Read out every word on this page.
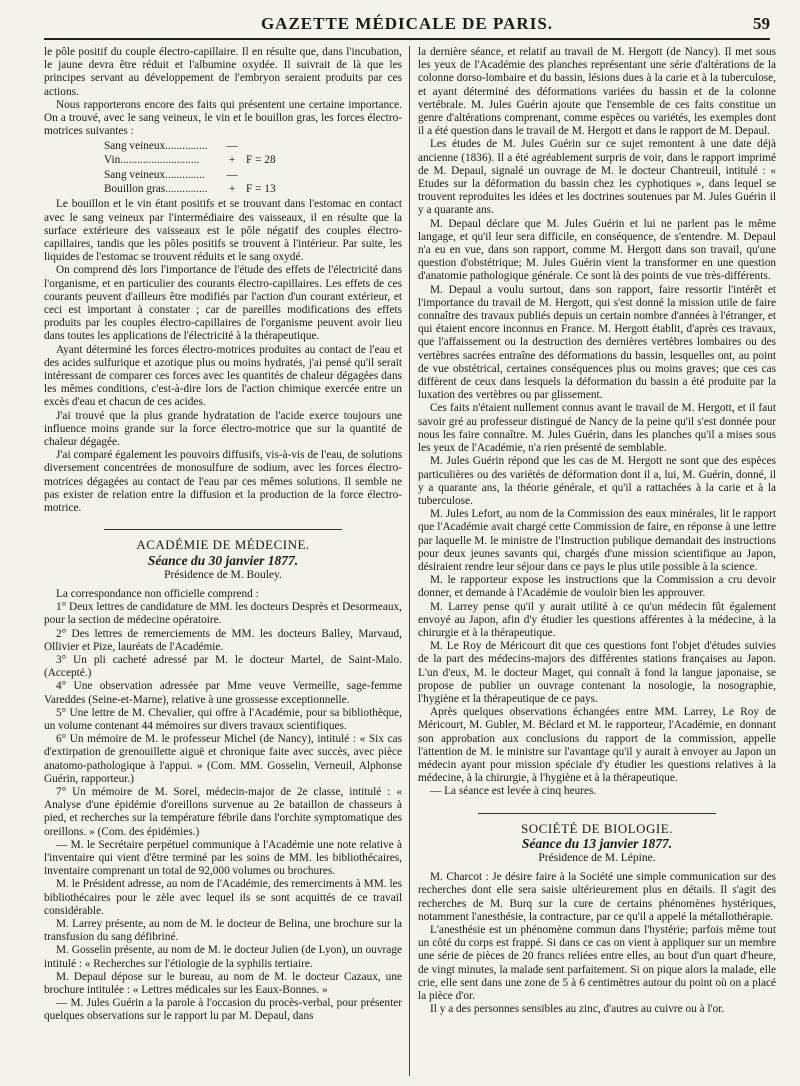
GAZETTE MÉDICALE DE PARIS.	59

le pôle positif du couple électro-capillaire. Il en résulte que, dans l'incubation, le jaune devra être réduit et l'albumine oxydée. Il suivrait de là que les principes servant au développement de l'embryon seraient produits par ces actions.

Nous rapporterons encore des faits qui présentent une certaine importance. On a trouvé, avec le sang veineux, le vin et le bouillon gras, les forces électro-motrices suivantes :

Sang veineux...............	—
Vin............................	+ F = 28
Sang veineux..............	—
Bouillon gras...............	+ F = 13

Le bouillon et le vin étant positifs et se trouvant dans l'estomac en contact avec le sang veineux par l'intermédiaire des vaisseaux, il en résulte que la surface extérieure des vaisseaux est le pôle négatif des couples électro-capillaires, tandis que les pôles positifs se trouvent à l'intérieur. Par suite, les liquides de l'estomac se trouvent réduits et le sang oxydé.

On comprend dès lors l'importance de l'étude des effets de l'électricité dans l'organisme, et en particulier des courants électro-capillaires. Les effets de ces courants peuvent d'ailleurs être modifiés par l'action d'un courant extérieur, et ceci est important à constater ; car de pareilles modifications des effets produits par les couples électro-capillaires de l'organisme peuvent avoir lieu dans toutes les applications de l'électricité à la thérapeutique.

Ayant déterminé les forces électro-motrices produites au contact de l'eau et des acides sulfurique et azotique plus ou moins hydratés, j'ai pensé qu'il serait intéressant de comparer ces forces avec les quantités de chaleur dégagées dans les mêmes conditions, c'est-à-dire lors de l'action chimique exercée entre un excès d'eau et chacun de ces acides.

J'ai trouvé que la plus grande hydratation de l'acide exerce toujours une influence moins grande sur la force électro-motrice que sur la quantité de chaleur dégagée.

J'ai comparé également les pouvoirs diffusifs, vis-à-vis de l'eau, de solutions diversement concentrées de monosulfure de sodium, avec les forces électro-motrices dégagées au contact de l'eau par ces mêmes solutions. Il semble ne pas exister de relation entre la diffusion et la production de la force électro-motrice.

ACADÉMIE DE MÉDECINE.
Séance du 30 janvier 1877.
Présidence de M. Bouley.

La correspondance non officielle comprend :

1° Deux lettres de candidature de MM. les docteurs Desprès et Desormeaux, pour la section de médecine opératoire.

2° Des lettres de remerciements de MM. les docteurs Balley, Marvaud, Ollivier et Pize, lauréats de l'Académie.

3° Un pli cacheté adressé par M. le docteur Martel, de Saint-Malo. (Accepté.)

4° Une observation adressée par Mme veuve Vermeille, sage-femme Vareddes (Seine-et-Marne), relative à une grossesse exceptionnelle.

5° Une lettre de M. Chevalier, qui offre à l'Académie, pour sa bibliothèque, un volume contenant 44 mémoires sur divers travaux scientifiques.

6° Un mémoire de M. le professeur Michel (de Nancy), intitulé : « Six cas d'extirpation de grenouillette aiguë et chronique faite avec succès, avec pièce anatomo-pathologique à l'appui. » (Com. MM. Gosselin, Verneuil, Alphonse Guérin, rapporteur.)

7° Un mémoire de M. Sorel, médecin-major de 2e classe, intitulé : « Analyse d'une épidémie d'oreillons survenue au 2e bataillon de chasseurs à pied, et recherches sur la température fébrile dans l'orchite symptomatique des oreillons. » (Com. des épidémies.)

— M. le Secrétaire perpétuel communique à l'Académie une note relative à l'inventaire qui vient d'être terminé par les soins de MM. les bibliothécaires, inventaire comprenant un total de 92,000 volumes ou brochures.

M. le Président adresse, au nom de l'Académie, des remerciments à MM. les bibliothécaires pour le zèle avec lequel ils se sont acquittés de ce travail considérable.

M. Larrey présente, au nom de M. le docteur de Belina, une brochure sur la transfusion du sang défibriné.

M. Gosselin présente, au nom de M. le docteur Julien (de Lyon), un ouvrage intitulé : « Recherches sur l'étiologie de la syphilis tertiaire.

M. Depaul dépose sur le bureau, au nom de M. le docteur Cazaux, une brochure intitulée : « Lettres médicales sur les Eaux-Bonnes. »

— M. Jules Guérin a la parole à l'occasion du procès-verbal, pour présenter quelques observations sur le rapport lu par M. Depaul, dans

la dernière séance, et relatif au travail de M. Hergott (de Nancy). Il met sous les yeux de l'Académie des planches représentant une série d'altérations de la colonne dorso-lombaire et du bassin, lésions dues à la carie et à la tuberculose, et ayant déterminé des déformations variées du bassin et de la colonne vertébrale. M. Jules Guérin ajoute que l'ensemble de ces faits constitue un genre d'altérations comprenant, comme espèces ou variétés, les exemples dont il a été question dans le travail de M. Hergott et dans le rapport de M. Depaul.

Les études de M. Jules Guérin sur ce sujet remontent à une date déjà ancienne (1836). Il a été agréablement surpris de voir, dans le rapport imprimé de M. Depaul, signalé un ouvrage de M. le docteur Chantreuil, intitulé : « Etudes sur la déformation du bassin chez les cyphotiques », dans lequel se trouvent reproduites les idées et les doctrines soutenues par M. Jules Guérin il y a quarante ans.

M. Depaul déclare que M. Jules Guérin et lui ne parlent pas le même langage, et qu'il leur sera difficile, en conséquence, de s'entendre. M. Depaul n'a eu en vue, dans son rapport, comme M. Hergott dans son travail, qu'une question d'obstétrique; M. Jules Guérin vient la transformer en une question d'anatomie pathologique générale. Ce sont là des points de vue très-différents.

M. Depaul a voulu surtout, dans son rapport, faire ressortir l'intérêt et l'importance du travail de M. Hergott, qui s'est donné la mission utile de faire connaître des travaux publiés depuis un certain nombre d'années à l'étranger, et qui étaient encore inconnus en France. M. Hergott établit, d'après ces travaux, que l'affaissement ou la destruction des dernières vertèbres lombaires ou des vertèbres sacrées entraîne des déformations du bassin, lesquelles ont, au point de vue obstétrical, certaines conséquences plus ou moins graves; que ces cas diffèrent de ceux dans lesquels la déformation du bassin a été produite par la luxation des vertèbres ou par glissement.

Ces faits n'étaient nullement connus avant le travail de M. Hergott, et il faut savoir gré au professeur distingué de Nancy de la peine qu'il s'est donnée pour nous les faire connaître. M. Jules Guérin, dans les planches qu'il a mises sous les yeux de l'Académie, n'a rien présenté de semblable.

M. Jules Guérin répond que les cas de M. Hergott ne sont que des espèces particulières ou des variétés de déformation dont il a, lui, M. Guérin, donné, il y a quarante ans, la théorie générale, et qu'il a rattachées à la carie et à la tuberculose.

M. Jules Lefort, au nom de la Commission des eaux minérales, lit le rapport que l'Académie avait chargé cette Commission de faire, en réponse à une lettre par laquelle M. le ministre de l'Instruction publique demandait des instructions pour deux jeunes savants qui, chargés d'une mission scientifique au Japon, désiraient rendre leur séjour dans ce pays le plus utile possible à la science.

M. le rapporteur expose les instructions que la Commission a cru devoir donner, et demande à l'Académie de vouloir bien les approuver.

M. Larrey pense qu'il y aurait utilité à ce qu'un médecin fût également envoyé au Japon, afin d'y étudier les questions afférentes à la médecine, à la chirurgie et à la thérapeutique.

M. Le Roy de Méricourt dit que ces questions font l'objet d'études suivies de la part des médecins-majors des différentes stations françaises au Japon. L'un d'eux, M. le docteur Maget, qui connaît à fond la langue japonaise, se propose de publier un ouvrage contenant la nosologie, la nosographie, l'hygiène et la thérapeutique de ce pays.

Après quelques observations échangées entre MM. Larrey, Le Roy de Méricourt, M. Gubler, M. Béclard et M. le rapporteur, l'Académie, en donnant son approbation aux conclusions du rapport de la commission, appelle l'attention de M. le ministre sur l'avantage qu'il y aurait à envoyer au Japon un médecin ayant pour mission spéciale d'y étudier les questions relatives à la médecine, à la chirurgie, à l'hygiène et à la thérapeutique.

— La séance est levée à cinq heures.

SOCIÉTÉ DE BIOLOGIE.
Séance du 13 janvier 1877.
Présidence de M. Lépine.

M. Charcot : Je désire faire à la Société une simple communication sur des recherches dont elle sera saisie ultérieurement plus en détails. Il s'agit des recherches de M. Burq sur la cure de certains phénomènes hystériques, notamment l'anesthésie, la contracture, par ce qu'il a appelé la métallothérapie.

L'anesthésie est un phénomène commun dans l'hystérie; parfois même tout un côté du corps est frappé. Si dans ce cas on vient à appliquer sur un membre une série de pièces de 20 francs reliées entre elles, au bout d'un quart d'heure, de vingt minutes, la malade sent parfaitement. Si on pique alors la malade, elle crie, elle sent dans une zone de 5 à 6 centimètres autour du point où on a placé la pièce d'or.

Il y a des personnes sensibles au zinc, d'autres au cuivre ou à l'or.
